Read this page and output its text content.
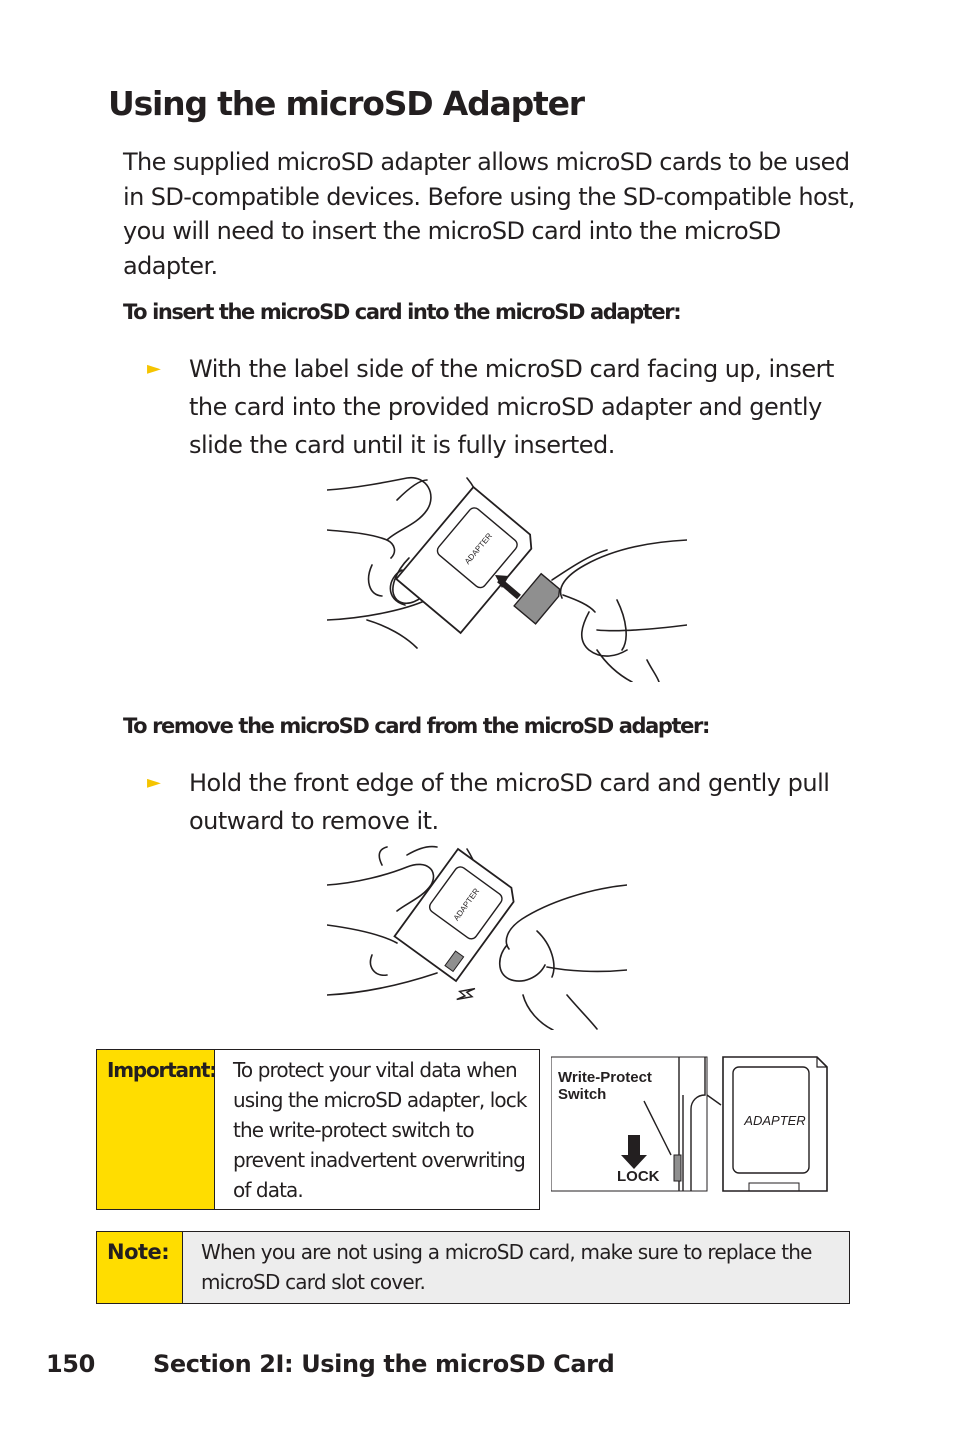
Using the microSD Adapter

The supplied microSD adapter allows microSD cards to be used in SD-compatible devices. Before using the SD-compatible host, you will need to insert the microSD card into the microSD adapter.

To insert the microSD card into the microSD adapter:
► With the label side of the microSD card facing up, insert the card into the provided microSD adapter and gently slide the card until it is fully inserted.
ADAPTER
To remove the microSD card from the microSD adapter:
► Hold the front edge of the microSD card and gently pull outward to remove it.
ADAPTER
Important: To protect your vital data when using the microSD adapter, lock the write-protect switch to prevent inadvertent overwriting of data.
Write-Protect
Switch
LOCK
ADAPTER
Note: When you are not using a microSD card, make sure to replace the microSD card slot cover.
150 Section 2I: Using the microSD Card
